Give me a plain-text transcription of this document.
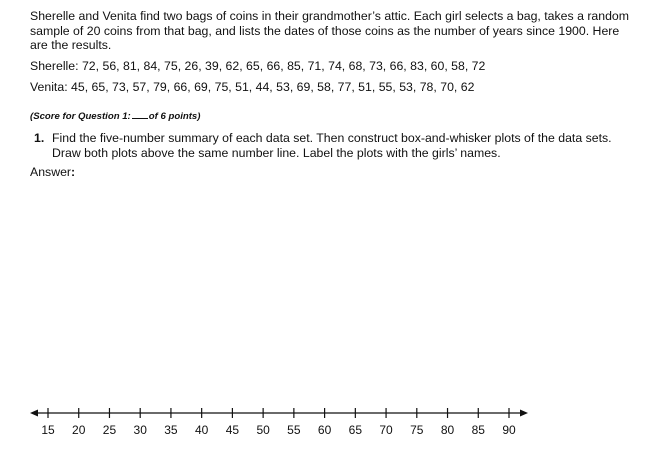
Sherelle and Venita find two bags of coins in their grandmother’s attic. Each girl selects a bag, takes a random sample of 20 coins from that bag, and lists the dates of those coins as the number of years since 1900. Here are the results.
Sherelle: 72, 56, 81, 84, 75, 26, 39, 62, 65, 66, 85, 71, 74, 68, 73, 66, 83, 60, 58, 72
Venita: 45, 65, 73, 57, 79, 66, 69, 75, 51, 44, 53, 69, 58, 77, 51, 55, 53, 78, 70, 62
(Score for Question 1: of 6 points)
1. Find the five-number summary of each data set. Then construct box-and-whisker plots of the data sets. Draw both plots above the same number line. Label the plots with the girls’ names.
Answer:
15 20 25 30 35 40 45 50 55 60 65 70 75 80 85 90
